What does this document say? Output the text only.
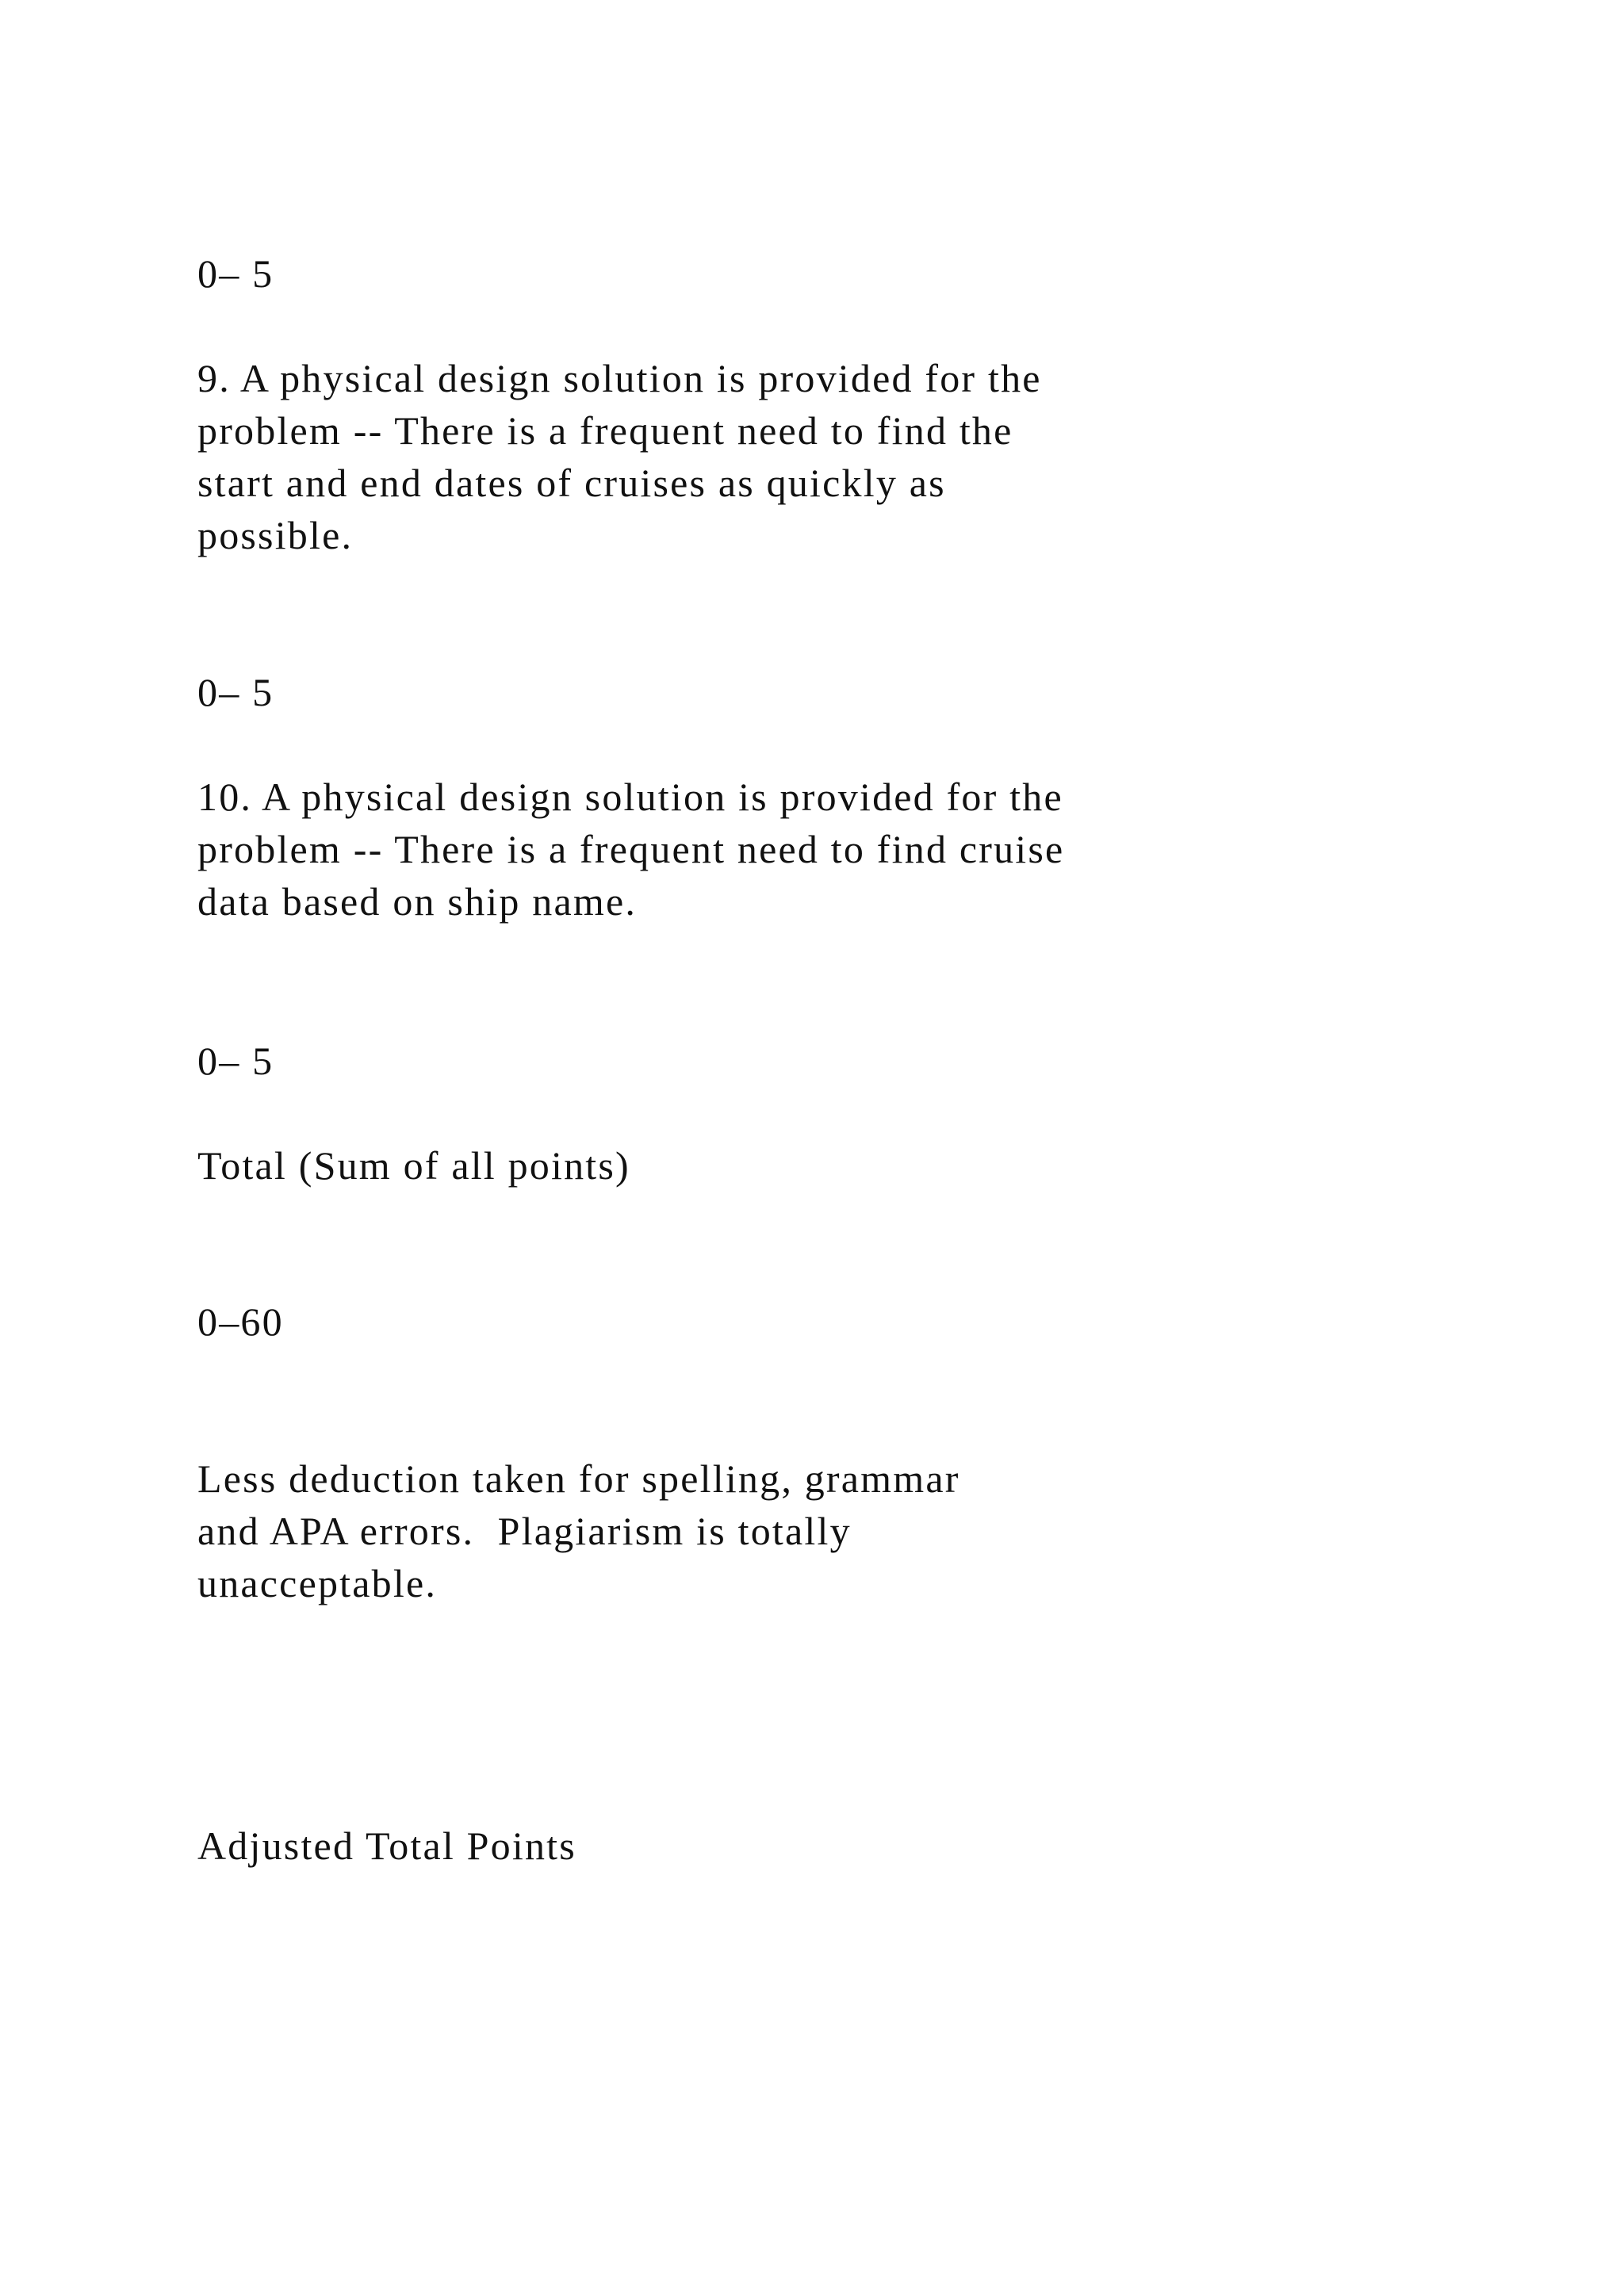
0– 5

9. A physical design solution is provided for the

problem -- There is a frequent need to find the

start and end dates of cruises as quickly as

possible.

0– 5

10. A physical design solution is provided for the

problem -- There is a frequent need to find cruise

data based on ship name.

0– 5

Total (Sum of all points)

0–60

Less deduction taken for spelling, grammar

and APA errors.  Plagiarism is totally

unacceptable.

Adjusted Total Points
